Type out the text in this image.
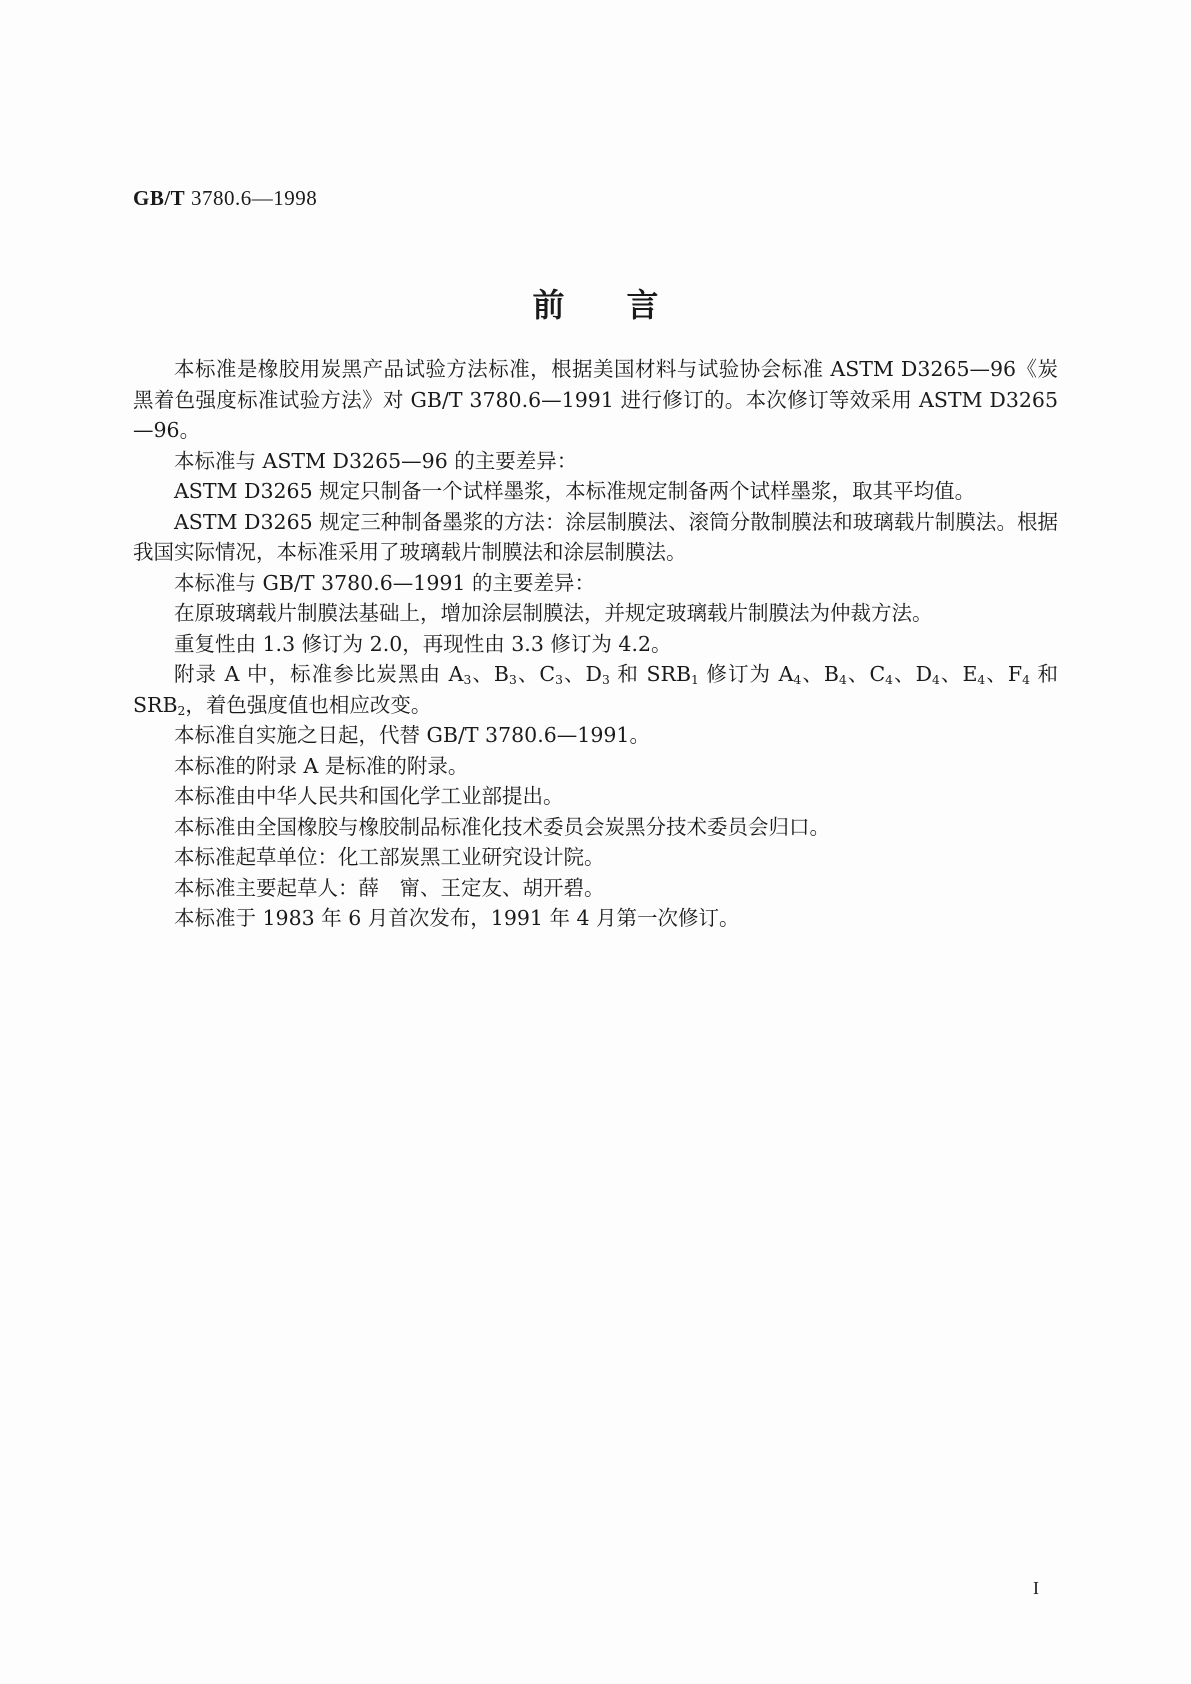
GB/T 3780.6—1998
前言

本标准是橡胶用炭黑产品试验方法标准，根据美国材料与试验协会标准 ASTM D3265—96《炭黑着色强度标准试验方法》对 GB/T 3780.6—1991 进行修订的。本次修订等效采用 ASTM D3265—96。

本标准与 ASTM D3265—96 的主要差异：

ASTM D3265 规定只制备一个试样墨浆，本标准规定制备两个试样墨浆，取其平均值。

ASTM D3265 规定三种制备墨浆的方法：涂层制膜法、滚筒分散制膜法和玻璃载片制膜法。根据我国实际情况，本标准采用了玻璃载片制膜法和涂层制膜法。

本标准与 GB/T 3780.6—1991 的主要差异：

在原玻璃载片制膜法基础上，增加涂层制膜法，并规定玻璃载片制膜法为仲裁方法。

重复性由 1.3 修订为 2.0，再现性由 3.3 修订为 4.2。

附录 A 中，标准参比炭黑由 $A_3$、$B_3$、$C_3$、$D_3$ 和 $SRB_1$ 修订为 $A_4$、$B_4$、$C_4$、$D_4$、$E_4$、$F_4$ 和 $SRB_2$，着色强度值也相应改变。

本标准自实施之日起，代替 GB/T 3780.6—1991。

本标准的附录 A 是标准的附录。

本标准由中华人民共和国化学工业部提出。

本标准由全国橡胶与橡胶制品标准化技术委员会炭黑分技术委员会归口。

本标准起草单位：化工部炭黑工业研究设计院。

本标准主要起草人：薛　甯、王定友、胡开碧。

本标准于 1983 年 6 月首次发布，1991 年 4 月第一次修订。

I
